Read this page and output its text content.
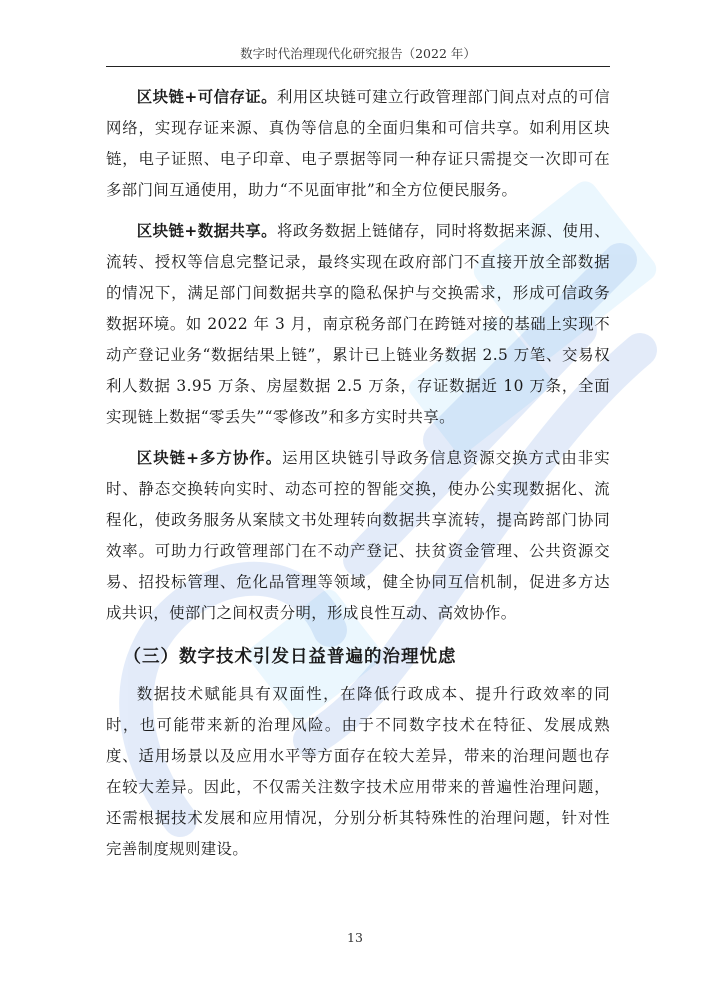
数字时代治理现代化研究报告（2022 年）

区块链+可信存证。利用区块链可建立行政管理部门间点对点的可信网络，实现存证来源、真伪等信息的全面归集和可信共享。如利用区块链，电子证照、电子印章、电子票据等同一种存证只需提交一次即可在多部门间互通使用，助力“不见面审批”和全方位便民服务。

区块链+数据共享。将政务数据上链储存，同时将数据来源、使用、流转、授权等信息完整记录，最终实现在政府部门不直接开放全部数据的情况下，满足部门间数据共享的隐私保护与交换需求，形成可信政务数据环境。如 2022 年 3 月，南京税务部门在跨链对接的基础上实现不动产登记业务“数据结果上链”，累计已上链业务数据 2.5 万笔、交易权利人数据 3.95 万条、房屋数据 2.5 万条，存证数据近 10 万条，全面实现链上数据“零丢失”“零修改”和多方实时共享。

区块链+多方协作。运用区块链引导政务信息资源交换方式由非实时、静态交换转向实时、动态可控的智能交换，使办公实现数据化、流程化，使政务服务从案牍文书处理转向数据共享流转，提高跨部门协同效率。可助力行政管理部门在不动产登记、扶贫资金管理、公共资源交易、招投标管理、危化品管理等领域，健全协同互信机制，促进多方达成共识，使部门之间权责分明，形成良性互动、高效协作。

（三）数字技术引发日益普遍的治理忧虑

数据技术赋能具有双面性，在降低行政成本、提升行政效率的同时，也可能带来新的治理风险。由于不同数字技术在特征、发展成熟度、适用场景以及应用水平等方面存在较大差异，带来的治理问题也存在较大差异。因此，不仅需关注数字技术应用带来的普遍性治理问题，还需根据技术发展和应用情况，分别分析其特殊性的治理问题，针对性完善制度规则建设。

13
